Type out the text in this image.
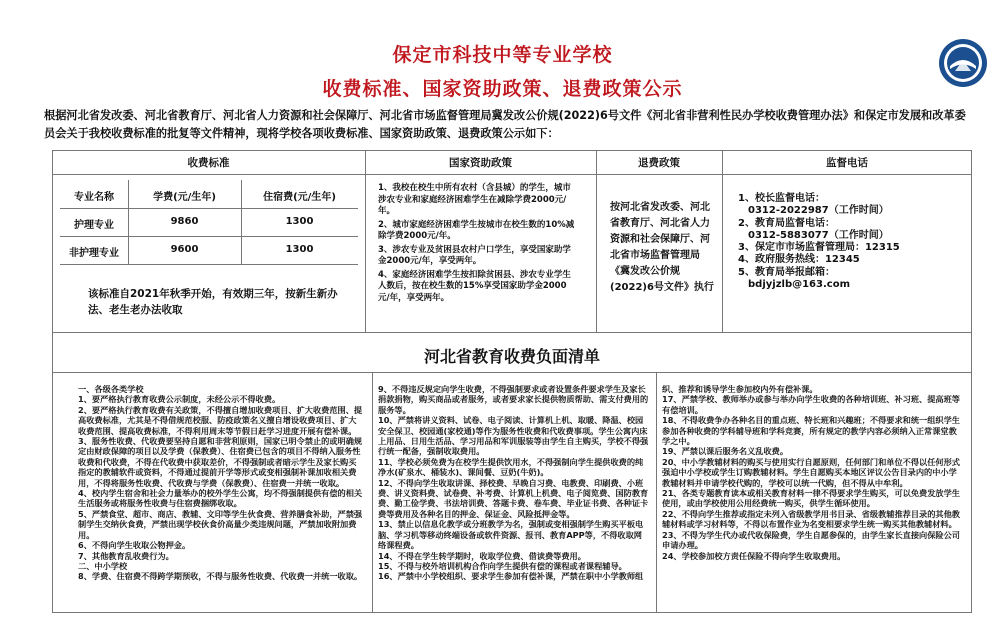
保定市科技中等专业学校
收费标准、国家资助政策、退费政策公示
根据河北省发改委、河北省教育厅、河北省人力资源和社会保障厅、河北省市场监督管理局冀发改公价规(2022)6号文件《河北省非营利性民办学校收费管理办法》和保定市发展和改革委员会关于我校收费标准的批复等文件精神，现将学校各项收费标准、国家资助政策、退费政策公示如下：
收费标准	国家资助政策	退费政策	监督电话
专业名称	学费(元/生年)	住宿费(元/生年)
护理专业	9860	1300
非护理专业	9600	1300
该标准自2021年秋季开始，有效期三年，按新生新办法、老生老办法收取
1、我校在校生中所有农村（含县城）的学生，城市涉农专业和家庭经济困难学生在减除学费2000元/年。
2、城市家庭经济困难学生按城市在校生数的10%减除学费2000元/年。
3、涉农专业及贫困县农村户口学生，享受国家助学金2000元/年，享受两年。
4、家庭经济困难学生按扣除贫困县、涉农专业学生人数后，按在校生数的15%享受国家助学金2000元/年，享受两年。
按河北省发改委、河北省教育厅、河北省人力资源和社会保障厅、河北省市场监督管理局《冀发改公价规(2022)6号文件》执行
1、校长监督电话：
0312-2022987（工作时间）
2、教育局监督电话：
0312-5883077（工作时间）
3、保定市市场监督管理局：12315
4、政府服务热线：12345
5、教育局举报邮箱：
bdjyjzlb@163.com
河北省教育收费负面清单
一、各级各类学校
1、要严格执行教育收费公示制度，未经公示不得收费。
2、要严格执行教育收费有关政策，不得擅自增加收费项目、扩大收费范围、提高收费标准，尤其是不得借规范校服、防疫政策名义擅自增设收费项目、扩大收费范围、提高收费标准，不得利用周末等节假日赶学习进度开展有偿补课。
3、服务性收费、代收费要坚持自愿和非营利原则，国家已明令禁止的或明确规定由财政保障的项目以及学费（保教费）、住宿费已包含的项目不得纳入服务性收费和代收费，不得在代收费中获取差价，不得强制或者暗示学生及家长购买指定的教辅软件或资料，不得通过提前开学等形式或变相强制补课加收相关费用，不得将服务性收费、代收费与学费（保教费）、住宿费一并统一收取。
4、校内学生宿舍和社会力量举办的校外学生公寓，均不得强制提供有偿的相关生活服务或将服务性收费与住宿费捆绑收取。
5、严禁食堂、超市、商店、教辅、文印等学生伙食费、营养膳食补助，严禁强制学生交纳伙食费，严禁出现学校伙食价高量少类违规问题，严禁加收附加费用。
6、不得向学生收取公物押金。
7、其他教育乱收费行为。
二、中小学校
8、学费、住宿费不得跨学期预收，不得与服务性收费、代收费一并统一收取。
9、不得违反规定向学生收费，不得强制要求或者设置条件要求学生及家长捐款捐物，购买商品或者服务，或者要求家长提供物质帮助、需支付费用的服务等。
10、严禁将讲义资料、试卷、电子阅读、计算机上机、取暖、降温、校园安全保卫、校园通(家校通)等作为服务性收费和代收费事项。学生公寓内床上用品、日用生活品、学习用品和军训服装等由学生自主购买，学校不得强行统一配备，强制收取费用。
11、学校必须免费为在校学生提供饮用水，不得强制向学生提供收费的纯净水(矿泉水、桶装水)、课间餐、豆奶(牛奶)。
12、不得向学生收取讲课、择校费、早晚自习费、电教费、印刷费、小班费、讲义资料费、试卷费、补考费、计算机上机费、电子阅览费、国防教育费、勤工俭学费、书法培训费、答题卡费、卷车费、毕业证书费、各种证卡费等费用及各种名目的押金、保证金、风险抵押金等。
13、禁止以信息化教学或分班教学为名，强制或变相强制学生购买平板电脑、学习机等移动终端设备或软件资源、报刊、教育APP等，不得收取网络课程费。
14、不得在学生转学期时，收取学位费、借读费等费用。
15、不得与校外培训机构合作向学生提供有偿的课程或者课程辅导。
16、严禁中小学校组织、要求学生参加有偿补课，严禁在职中小学教师组
织、推荐和诱导学生参加校内外有偿补课。
17、严禁学校、教师举办或参与举办向学生收费的各种培训班、补习班、提高班等有偿培训。
18、不得收费争办各种名目的重点班、特长班和兴趣班；不得要求和统一组织学生参加各种收费的学科辅导班和学科竞赛，所有规定的教学内容必须纳入正常课堂教学之中。
19、严禁以课后服务名义乱收费。
20、中小学教辅材料的购买与使用实行自愿原则，任何部门和单位不得以任何形式强迫中小学校或学生订购教辅材料。学生自愿购买本地区评议公告目录内的中小学教辅材料并申请学校代购的，学校可以统一代购，但不得从中牟利。
21、各类专题教育读本或相关教育材料一律不得要求学生购买，可以免费发放学生使用，或由学校使用公用经费统一购买，供学生循环使用。
22、不得向学生推荐或指定未列入省级教学用书目录、省级教辅推荐目录的其他教辅材料或学习材料等，不得以布置作业为名变相要求学生统一购买其他教辅材料。
23、不得为学生代办或代收保险费，学生自愿参保的，由学生家长直接向保险公司申请办理。
24、学校参加校方责任保险不得向学生收取费用。
